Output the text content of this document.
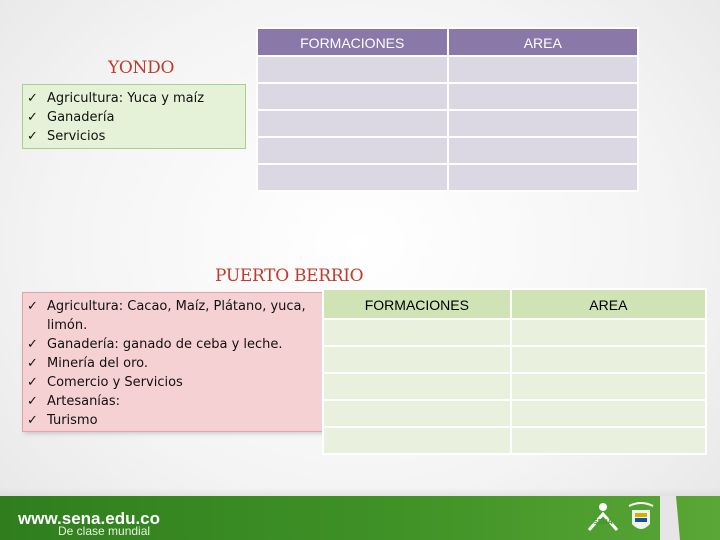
YONDO
✓ Agricultura: Yuca y maíz
✓ Ganadería
✓ Servicios
FORMACIONES	AREA

PUERTO BERRIO
✓ Agricultura: Cacao, Maíz, Plátano, yuca, limón.
✓ Ganadería: ganado de ceba y leche.
✓ Minería del oro.
✓ Comercio y Servicios
✓ Artesanías:
✓ Turismo
FORMACIONES	AREA

www.sena.edu.co
De clase mundial
SENA
